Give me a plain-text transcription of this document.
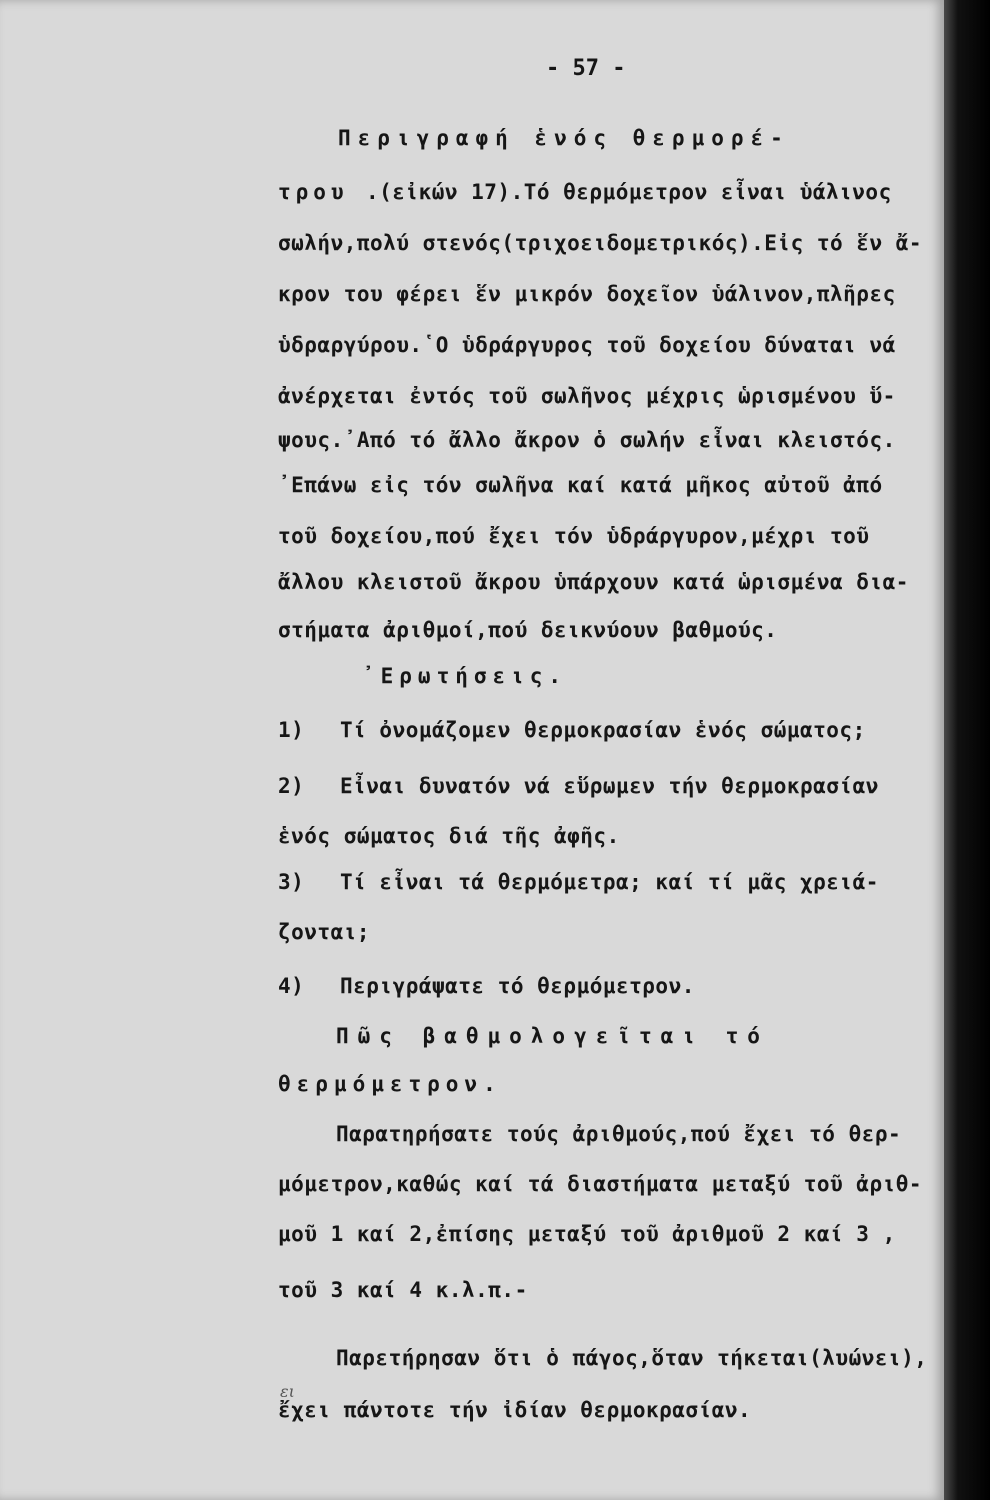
- 57 -
Περιγραφή ἑνός θερμορέ-
τρου .(εἰκών 17).Τό θερμόμετρον εἶναι ὑάλινος
σωλήν,πολύ στενός(τριχοειδομετρικός).Εἰς τό ἕν ἄ-
κρον του φέρει ἕν μικρόν δοχεῖον ὑάλινον,πλῆρες
ὑδραργύρου.῾Ο ὑδράργυρος τοῦ δοχείου δύναται νά
ἀνέρχεται ἐντός τοῦ σωλῆνος μέχρις ὡρισμένου ὕ-
ψους.᾿Από τό ἄλλο ἄκρον ὁ σωλήν εἶναι κλειστός.
᾿Επάνω εἰς τόν σωλῆνα καί κατά μῆκος αὐτοῦ ἀπό
τοῦ δοχείου,πού ἔχει τόν ὑδράργυρον,μέχρι τοῦ
ἄλλου κλειστοῦ ἄκρου ὑπάρχουν κατά ὡρισμένα δια-
στήματα ἀριθμοί,πού δεικνύουν βαθμούς.
᾿Ερωτήσεις.
1) Τί ὀνομάζομεν θερμοκρασίαν ἑνός σώματος;
2) Εἶναι δυνατόν νά εὕρωμεν τήν θερμοκρασίαν
ἑνός σώματος διά τῆς ἀφῆς.
3) Τί εἶναι τά θερμόμετρα; καί τί μᾶς χρειά-
ζονται;
4) Περιγράψατε τό θερμόμετρον.
Πῶς βαθμολογεῖται τό
θερμόμετρον.
Παρατηρήσατε τούς ἀριθμούς,πού ἔχει τό θερ-
μόμετρον,καθώς καί τά διαστήματα μεταξύ τοῦ ἀριθ-
μοῦ 1 καί 2,ἐπίσης μεταξύ τοῦ ἀριθμοῦ 2 καί 3 ,
τοῦ 3 καί 4 κ.λ.π.-
Παρετήρησαν ὅτι ὁ πάγος,ὅταν τήκεται(λυώνει),
ἔχει πάντοτε τήν ἰδίαν θερμοκρασίαν.
ει
